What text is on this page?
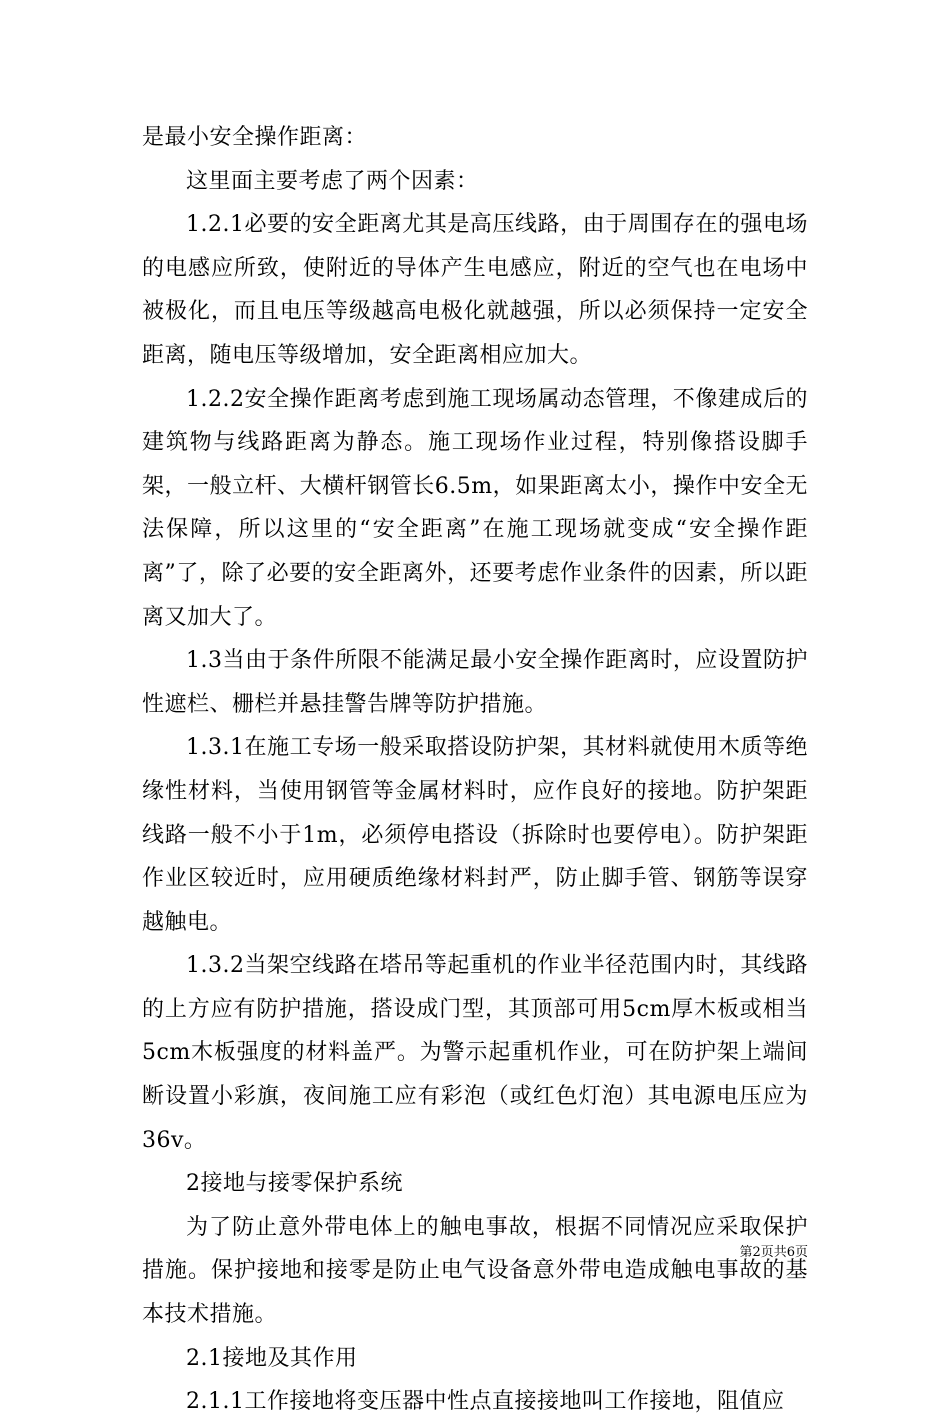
是最小安全操作距离：

这里面主要考虑了两个因素：

1.2.1必要的安全距离尤其是高压线路，由于周围存在的强电场的电感应所致，使附近的导体产生电感应，附近的空气也在电场中被极化，而且电压等级越高电极化就越强，所以必须保持一定安全距离，随电压等级增加，安全距离相应加大。

1.2.2安全操作距离考虑到施工现场属动态管理，不像建成后的建筑物与线路距离为静态。施工现场作业过程，特别像搭设脚手架，一般立杆、大横杆钢管长6.5m，如果距离太小，操作中安全无法保障，所以这里的“安全距离”在施工现场就变成“安全操作距离”了，除了必要的安全距离外，还要考虑作业条件的因素，所以距离又加大了。

1.3当由于条件所限不能满足最小安全操作距离时，应设置防护性遮栏、栅栏并悬挂警告牌等防护措施。

1.3.1在施工专场一般采取搭设防护架，其材料就使用木质等绝缘性材料，当使用钢管等金属材料时，应作良好的接地。防护架距线路一般不小于1m，必须停电搭设（拆除时也要停电）。防护架距作业区较近时，应用硬质绝缘材料封严，防止脚手管、钢筋等误穿越触电。

1.3.2当架空线路在塔吊等起重机的作业半径范围内时，其线路的上方应有防护措施，搭设成门型，其顶部可用5cm厚木板或相当5cm木板强度的材料盖严。为警示起重机作业，可在防护架上端间断设置小彩旗，夜间施工应有彩泡（或红色灯泡）其电源电压应为36v。

2接地与接零保护系统

为了防止意外带电体上的触电事故，根据不同情况应采取保护措施。保护接地和接零是防止电气设备意外带电造成触电事故的基本技术措施。

2.1接地及其作用

2.1.1工作接地将变压器中性点直接接地叫工作接地，阻值应

第2页共6页
